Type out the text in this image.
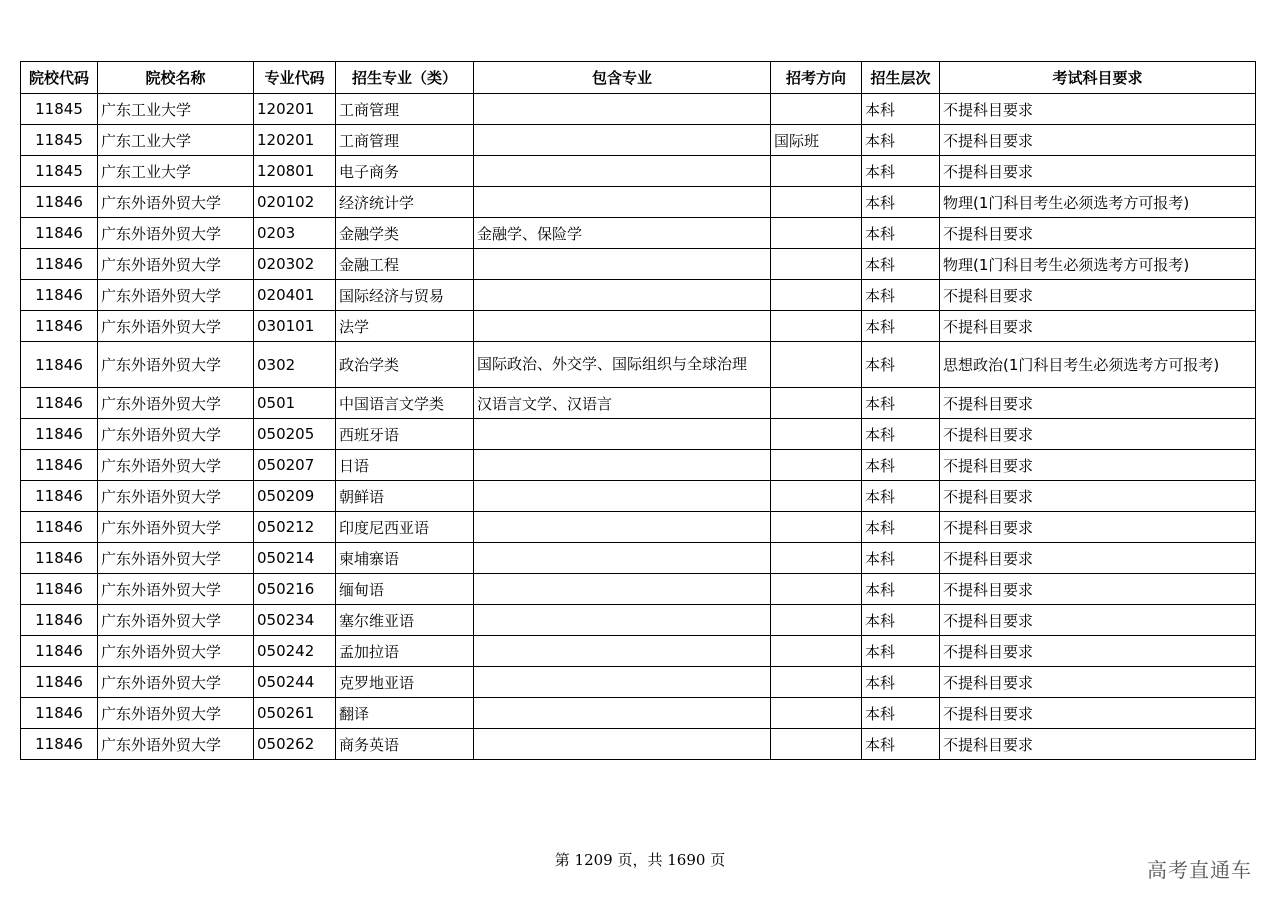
院校代码	院校名称	专业代码	招生专业（类）	包含专业	招考方向	招生层次	考试科目要求
11845	广东工业大学	120201	工商管理			本科	不提科目要求
11845	广东工业大学	120201	工商管理		国际班	本科	不提科目要求
11845	广东工业大学	120801	电子商务			本科	不提科目要求
11846	广东外语外贸大学	020102	经济统计学			本科	物理(1门科目考生必须选考方可报考)
11846	广东外语外贸大学	0203	金融学类	金融学、保险学		本科	不提科目要求
11846	广东外语外贸大学	020302	金融工程			本科	物理(1门科目考生必须选考方可报考)
11846	广东外语外贸大学	020401	国际经济与贸易			本科	不提科目要求
11846	广东外语外贸大学	030101	法学			本科	不提科目要求
11846	广东外语外贸大学	0302	政治学类	国际政治、外交学、国际组织与全球治理		本科	思想政治(1门科目考生必须选考方可报考)
11846	广东外语外贸大学	0501	中国语言文学类	汉语言文学、汉语言		本科	不提科目要求
11846	广东外语外贸大学	050205	西班牙语			本科	不提科目要求
11846	广东外语外贸大学	050207	日语			本科	不提科目要求
11846	广东外语外贸大学	050209	朝鲜语			本科	不提科目要求
11846	广东外语外贸大学	050212	印度尼西亚语			本科	不提科目要求
11846	广东外语外贸大学	050214	柬埔寨语			本科	不提科目要求
11846	广东外语外贸大学	050216	缅甸语			本科	不提科目要求
11846	广东外语外贸大学	050234	塞尔维亚语			本科	不提科目要求
11846	广东外语外贸大学	050242	孟加拉语			本科	不提科目要求
11846	广东外语外贸大学	050244	克罗地亚语			本科	不提科目要求
11846	广东外语外贸大学	050261	翻译			本科	不提科目要求
11846	广东外语外贸大学	050262	商务英语			本科	不提科目要求
第 1209 页，共 1690 页	高考直通车
